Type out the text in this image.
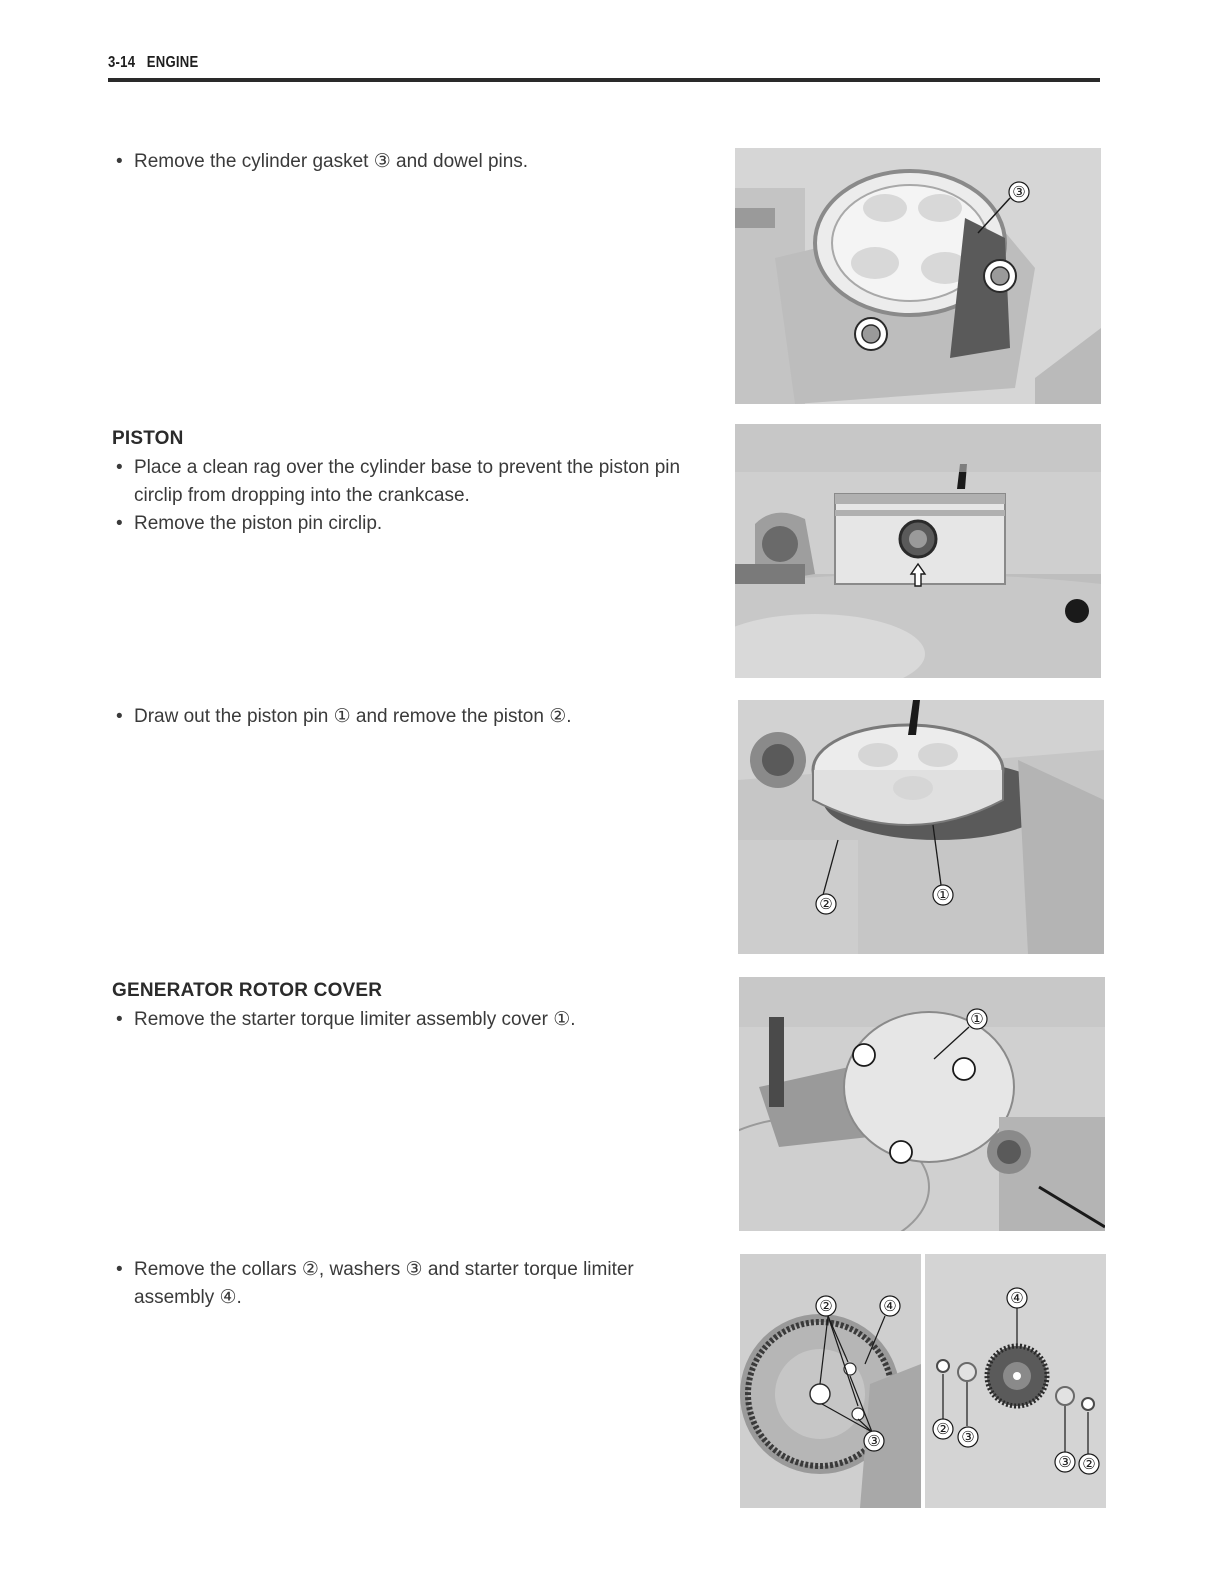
3-14 ENGINE

• Remove the cylinder gasket ③ and dowel pins.

PISTON

• Place a clean rag over the cylinder base to prevent the piston pin circlip from dropping into the crankcase.

• Remove the piston pin circlip.

• Draw out the piston pin ① and remove the piston ②.

GENERATOR ROTOR COVER

• Remove the starter torque limiter assembly cover ①.

• Remove the collars ②, washers ③ and starter torque limiter assembly ④.

③
②	①
①
②	④
③
④
② ③
③ ②
